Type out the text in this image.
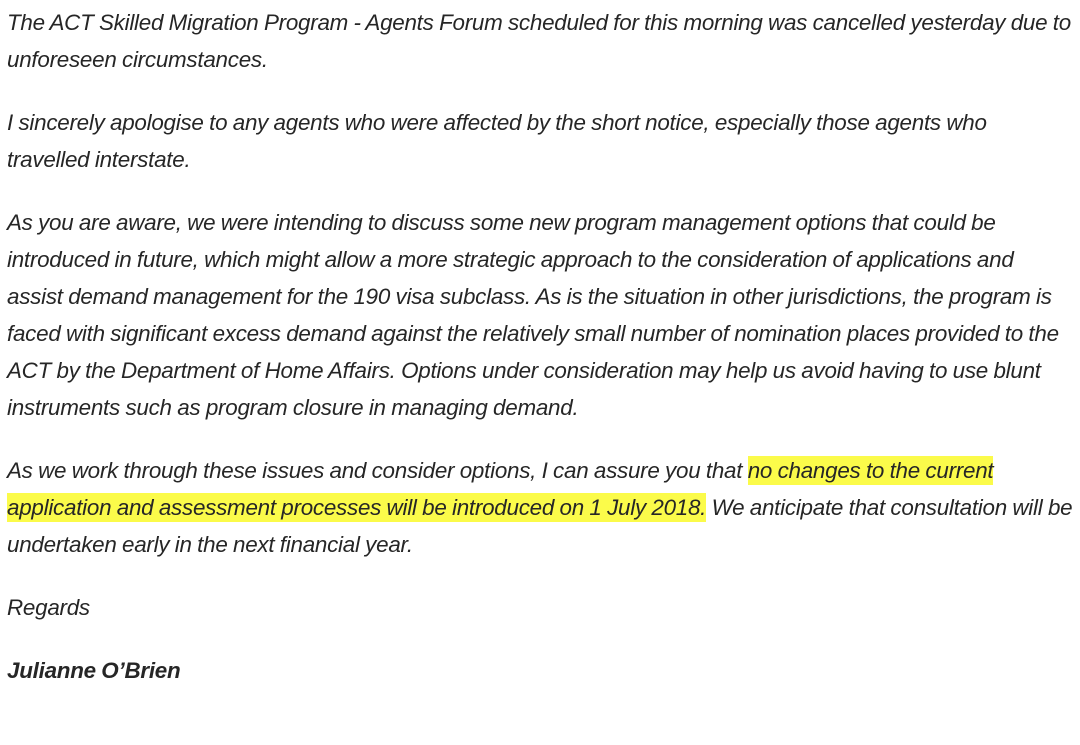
The ACT Skilled Migration Program - Agents Forum scheduled for this morning was cancelled yesterday due to unforeseen circumstances.

I sincerely apologise to any agents who were affected by the short notice, especially those agents who travelled interstate.

As you are aware, we were intending to discuss some new program management options that could be introduced in future, which might allow a more strategic approach to the consideration of applications and assist demand management for the 190 visa subclass. As is the situation in other jurisdictions, the program is faced with significant excess demand against the relatively small number of nomination places provided to the ACT by the Department of Home Affairs. Options under consideration may help us avoid having to use blunt instruments such as program closure in managing demand.

As we work through these issues and consider options, I can assure you that no changes to the current application and assessment processes will be introduced on 1 July 2018. We anticipate that consultation will be undertaken early in the next financial year.

Regards

Julianne O’Brien
